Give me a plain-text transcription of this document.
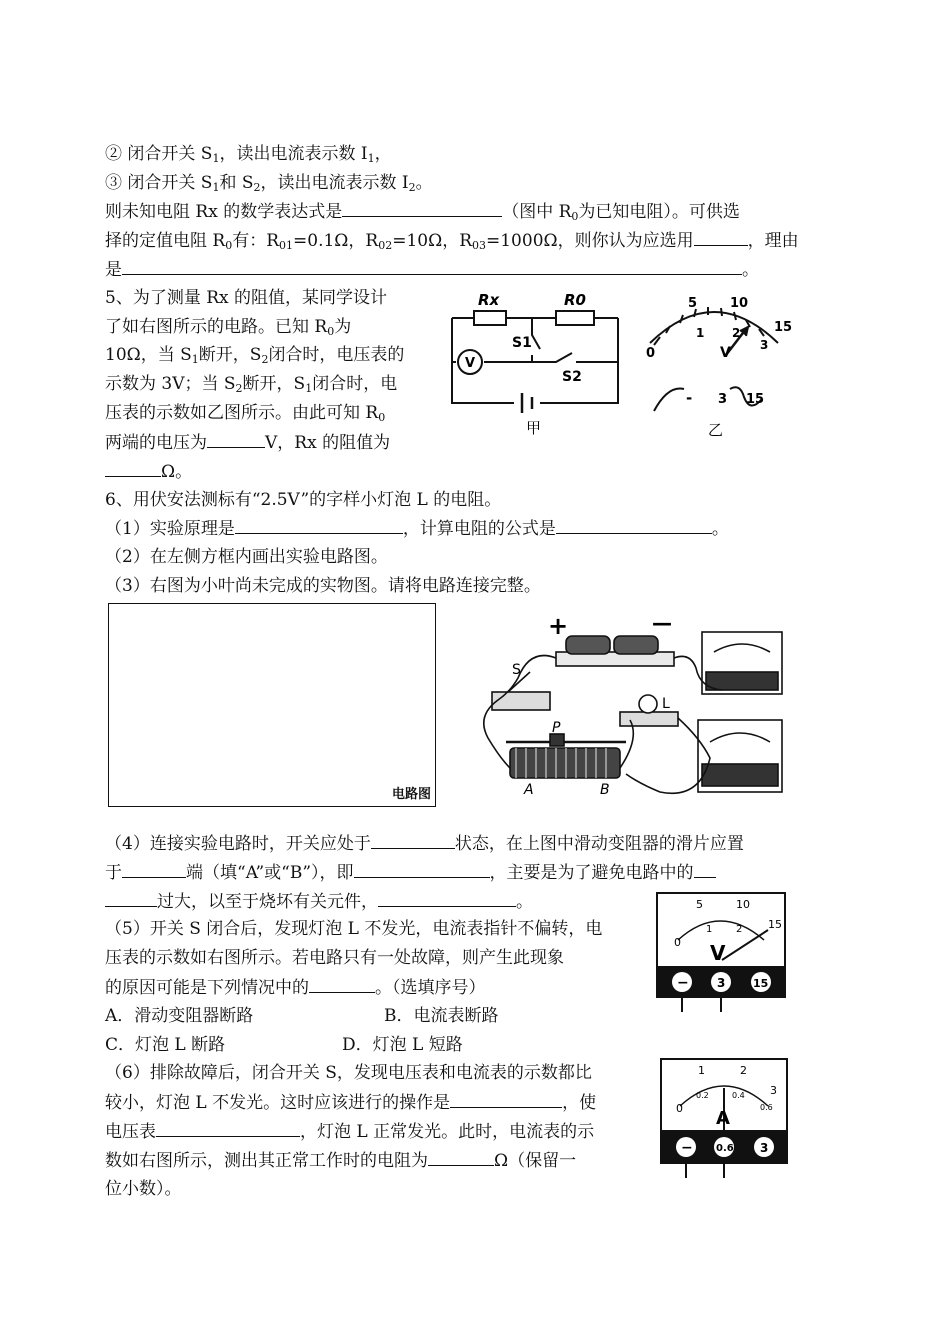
② 闭合开关 $S_1$，读出电流表示数 $I_1$，
③ 闭合开关 $S_1$和 $S_2$，读出电流表示数 $I_2$。
则未知电阻 Rx 的数学表达式是	（图中 $R_0$为已知电阻）。可供选
择的定值电阻 $R_0$有：$R_{01}=0.1\Omega$，$R_{02}=10\Omega$，$R_{03}=1000\Omega$，则你认为应选用	，理由
是	。
5、为了测量 Rx 的阻值，某同学设计
了如右图所示的电路。已知 $R_0$为
10Ω，当 $S_1$断开，$S_2$闭合时，电压表的
示数为 3V；当 $S_2$断开，$S_1$闭合时，电
压表的示数如乙图所示。由此可知 $R_0$
两端的电压为	V，Rx 的阻值为
Ω。
6、用伏安法测标有“2.5V”的字样小灯泡 L 的电阻。
（1）实验原理是	，计算电阻的公式是	。
（2）在左侧方框内画出实验电路图。
（3）右图为小叶尚未完成的实物图。请将电路连接完整。
（4）连接实验电路时，开关应处于	状态，在上图中滑动变阻器的滑片应置
于	端（填“A”或“B”），即	，主要是为了避免电路中的
过大，以至于烧坏有关元件，	。
（5）开关 S 闭合后，发现灯泡 L 不发光，电流表指针不偏转，电
压表的示数如右图所示。若电路只有一处故障，则产生此现象
的原因可能是下列情况中的	。（选填序号）
A．滑动变阻器断路	B．电流表断路
C．灯泡 L 断路	D．灯泡 L 短路
（6）排除故障后，闭合开关 S，发现电压表和电流表的示数都比
较小，灯泡 L 不发光。这时应该进行的操作是	，使
电压表	，灯泡 L 正常发光。此时，电流表的示
数如右图所示，测出其正常工作时的电阻为	Ω（保留一
位小数）。
Rx	R0
S1
S2
V
甲
5	10
15
1 2
3
0	V
- 3 15
乙
电路图
+	—
S
P
A	B
L
5	10
15
1 2
0 V
− 3	15
1	2
3
0.2	0.4
0.6
0 A
− 0.6 3
